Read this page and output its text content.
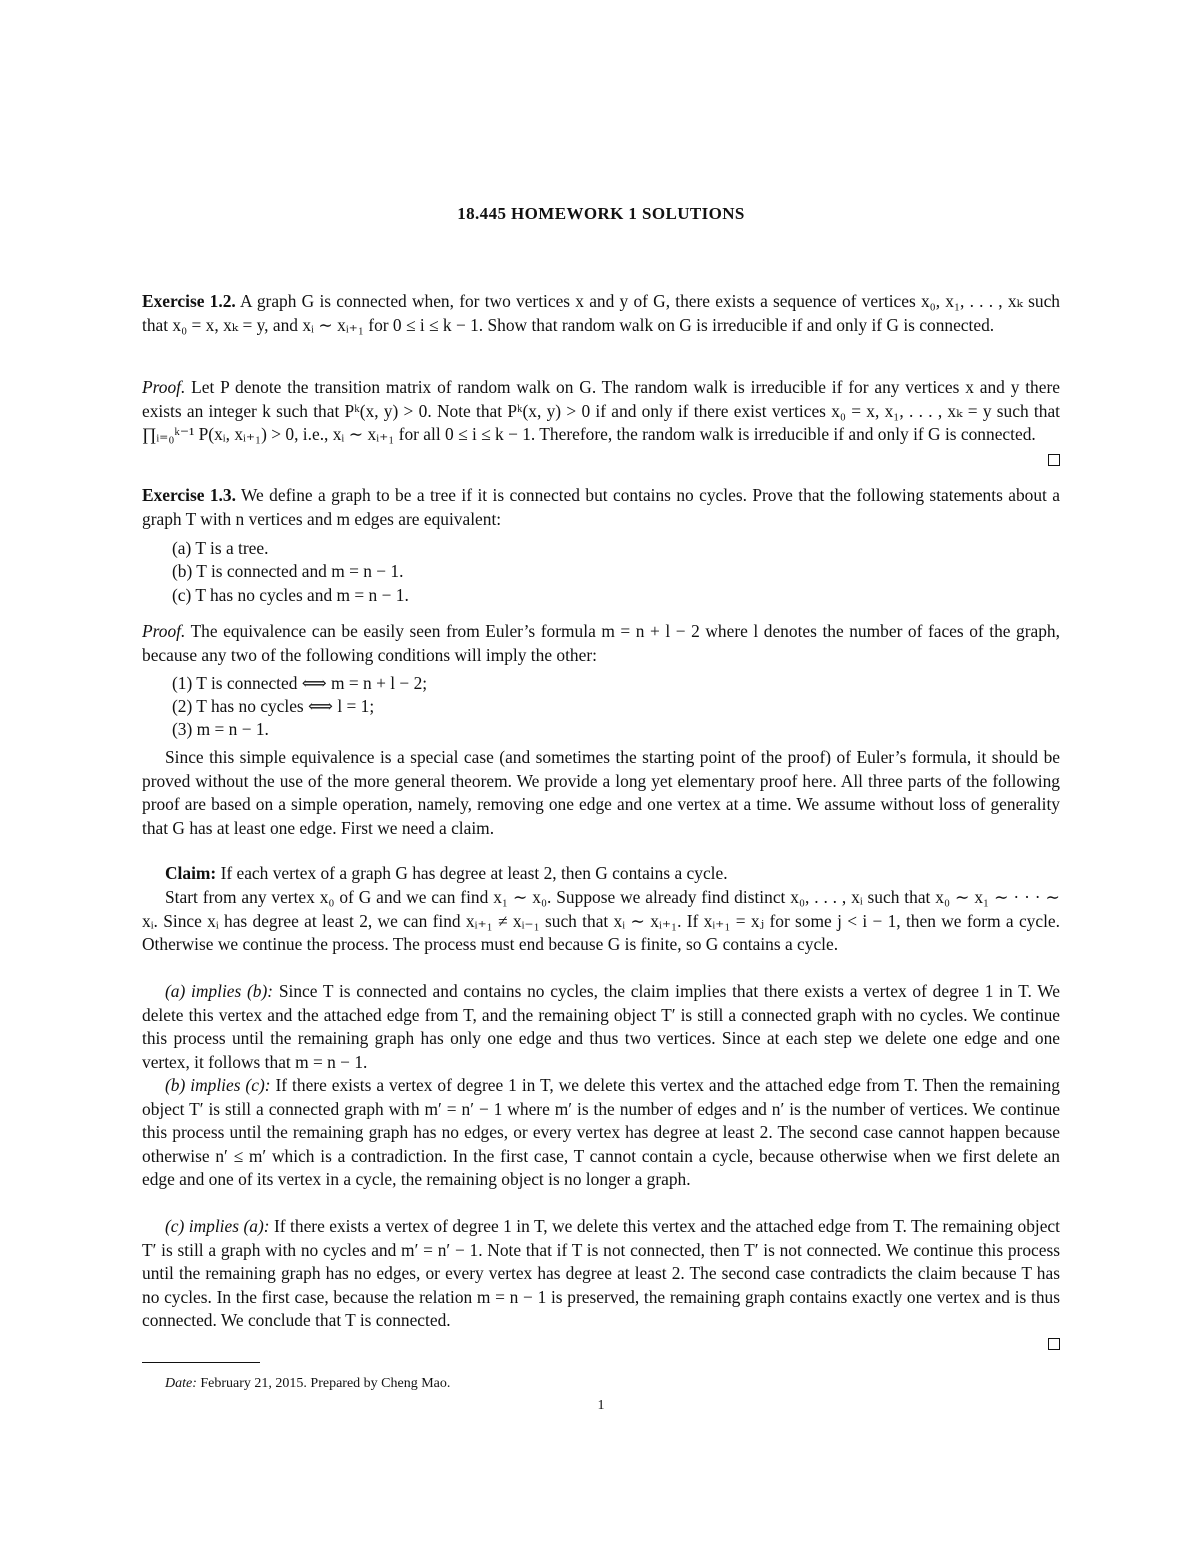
18.445 HOMEWORK 1 SOLUTIONS
Exercise 1.2. A graph G is connected when, for two vertices x and y of G, there exists a sequence of vertices x₀, x₁, . . . , xₖ such that x₀ = x, xₖ = y, and xᵢ ∼ xᵢ₊₁ for 0 ≤ i ≤ k − 1. Show that random walk on G is irreducible if and only if G is connected.
Proof. Let P denote the transition matrix of random walk on G. The random walk is irreducible if for any vertices x and y there exists an integer k such that Pᵏ(x, y) > 0. Note that Pᵏ(x, y) > 0 if and only if there exist vertices x₀ = x, x₁, . . . , xₖ = y such that ∏ᵢ₌₀ᵏ⁻¹ P(xᵢ, xᵢ₊₁) > 0, i.e., xᵢ ∼ xᵢ₊₁ for all 0 ≤ i ≤ k − 1. Therefore, the random walk is irreducible if and only if G is connected.
Exercise 1.3. We define a graph to be a tree if it is connected but contains no cycles. Prove that the following statements about a graph T with n vertices and m edges are equivalent:
(a) T is a tree.
(b) T is connected and m = n − 1.
(c) T has no cycles and m = n − 1.
Proof. The equivalence can be easily seen from Euler’s formula m = n + l − 2 where l denotes the number of faces of the graph, because any two of the following conditions will imply the other:
(1) T is connected ⟺ m = n + l − 2;
(2) T has no cycles ⟺ l = 1;
(3) m = n − 1.
Since this simple equivalence is a special case (and sometimes the starting point of the proof) of Euler’s formula, it should be proved without the use of the more general theorem. We provide a long yet elementary proof here. All three parts of the following proof are based on a simple operation, namely, removing one edge and one vertex at a time. We assume without loss of generality that G has at least one edge. First we need a claim.
Claim: If each vertex of a graph G has degree at least 2, then G contains a cycle.
Start from any vertex x₀ of G and we can find x₁ ∼ x₀. Suppose we already find distinct x₀, . . . , xᵢ such that x₀ ∼ x₁ ∼ · · · ∼ xᵢ. Since xᵢ has degree at least 2, we can find xᵢ₊₁ ≠ xᵢ₋₁ such that xᵢ ∼ xᵢ₊₁. If xᵢ₊₁ = xⱼ for some j < i − 1, then we form a cycle. Otherwise we continue the process. The process must end because G is finite, so G contains a cycle.
(a) implies (b): Since T is connected and contains no cycles, the claim implies that there exists a vertex of degree 1 in T. We delete this vertex and the attached edge from T, and the remaining object T′ is still a connected graph with no cycles. We continue this process until the remaining graph has only one edge and thus two vertices. Since at each step we delete one edge and one vertex, it follows that m = n − 1.
(b) implies (c): If there exists a vertex of degree 1 in T, we delete this vertex and the attached edge from T. Then the remaining object T′ is still a connected graph with m′ = n′ − 1 where m′ is the number of edges and n′ is the number of vertices. We continue this process until the remaining graph has no edges, or every vertex has degree at least 2. The second case cannot happen because otherwise n′ ≤ m′ which is a contradiction. In the first case, T cannot contain a cycle, because otherwise when we first delete an edge and one of its vertex in a cycle, the remaining object is no longer a graph.
(c) implies (a): If there exists a vertex of degree 1 in T, we delete this vertex and the attached edge from T. The remaining object T′ is still a graph with no cycles and m′ = n′ − 1. Note that if T is not connected, then T′ is not connected. We continue this process until the remaining graph has no edges, or every vertex has degree at least 2. The second case contradicts the claim because T has no cycles. In the first case, because the relation m = n − 1 is preserved, the remaining graph contains exactly one vertex and is thus connected. We conclude that T is connected.
Date: February 21, 2015. Prepared by Cheng Mao.
1
